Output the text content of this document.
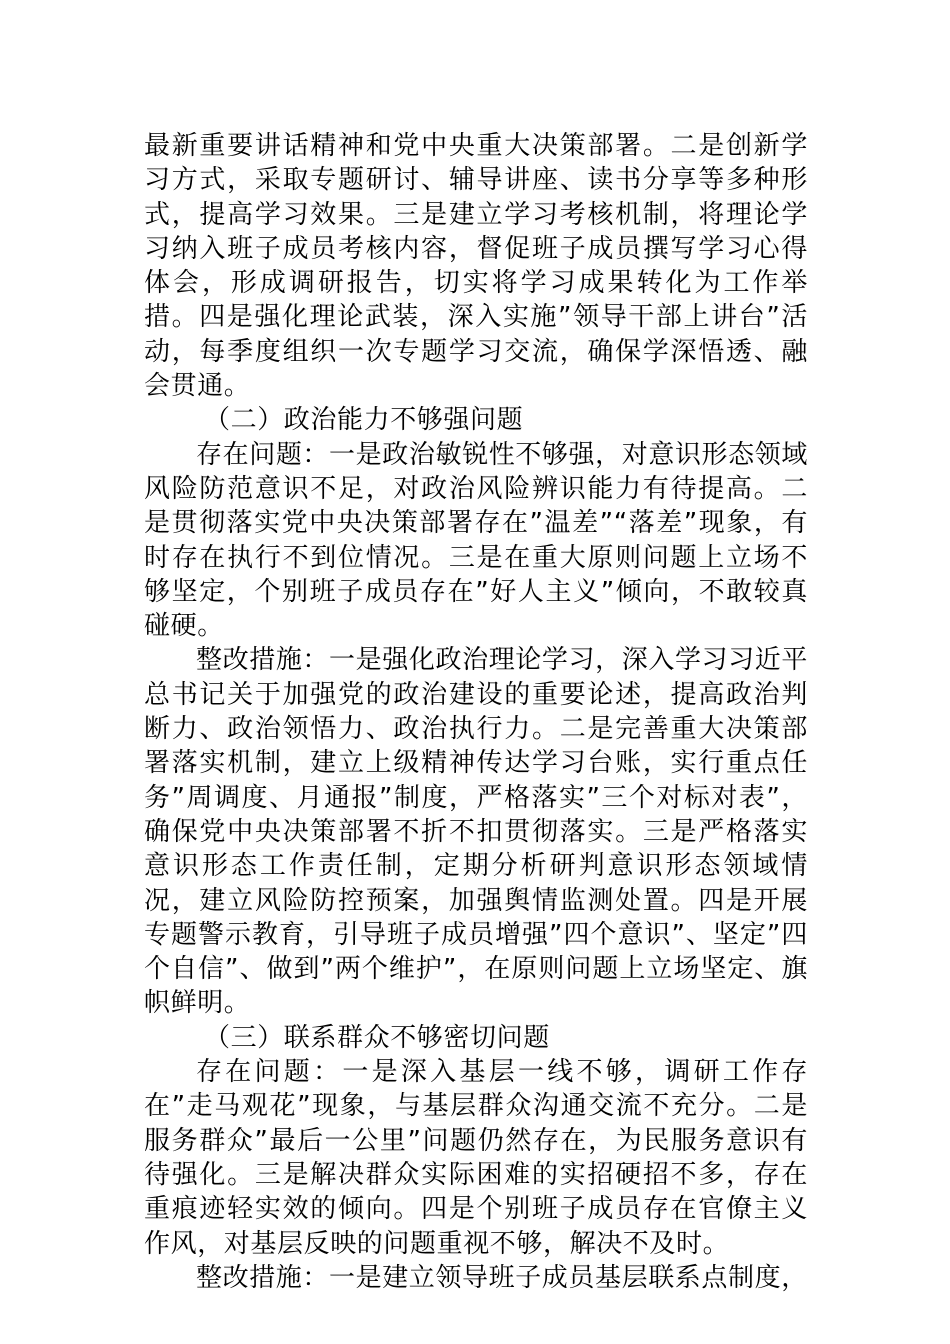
最新重要讲话精神和党中央重大决策部署。二是创新学习方式，采取专题研讨、辅导讲座、读书分享等多种形式，提高学习效果。三是建立学习考核机制，将理论学习纳入班子成员考核内容，督促班子成员撰写学习心得体会，形成调研报告，切实将学习成果转化为工作举措。四是强化理论武装，深入实施”领导干部上讲台”活动，每季度组织一次专题学习交流，确保学深悟透、融会贯通。

（二）政治能力不够强问题

存在问题：一是政治敏锐性不够强，对意识形态领域风险防范意识不足，对政治风险辨识能力有待提高。二是贯彻落实党中央决策部署存在”温差”“落差”现象，有时存在执行不到位情况。三是在重大原则问题上立场不够坚定，个别班子成员存在”好人主义”倾向，不敢较真碰硬。

整改措施：一是强化政治理论学习，深入学习习近平总书记关于加强党的政治建设的重要论述，提高政治判断力、政治领悟力、政治执行力。二是完善重大决策部署落实机制，建立上级精神传达学习台账，实行重点任务”周调度、月通报”制度，严格落实”三个对标对表”，确保党中央决策部署不折不扣贯彻落实。三是严格落实意识形态工作责任制，定期分析研判意识形态领域情况，建立风险防控预案，加强舆情监测处置。四是开展专题警示教育，引导班子成员增强”四个意识”、坚定”四个自信”、做到”两个维护”，在原则问题上立场坚定、旗帜鲜明。

（三）联系群众不够密切问题

存在问题：一是深入基层一线不够，调研工作存在”走马观花”现象，与基层群众沟通交流不充分。二是服务群众”最后一公里”问题仍然存在，为民服务意识有待强化。三是解决群众实际困难的实招硬招不多，存在重痕迹轻实效的倾向。四是个别班子成员存在官僚主义作风，对基层反映的问题重视不够，解决不及时。

整改措施：一是建立领导班子成员基层联系点制度，
